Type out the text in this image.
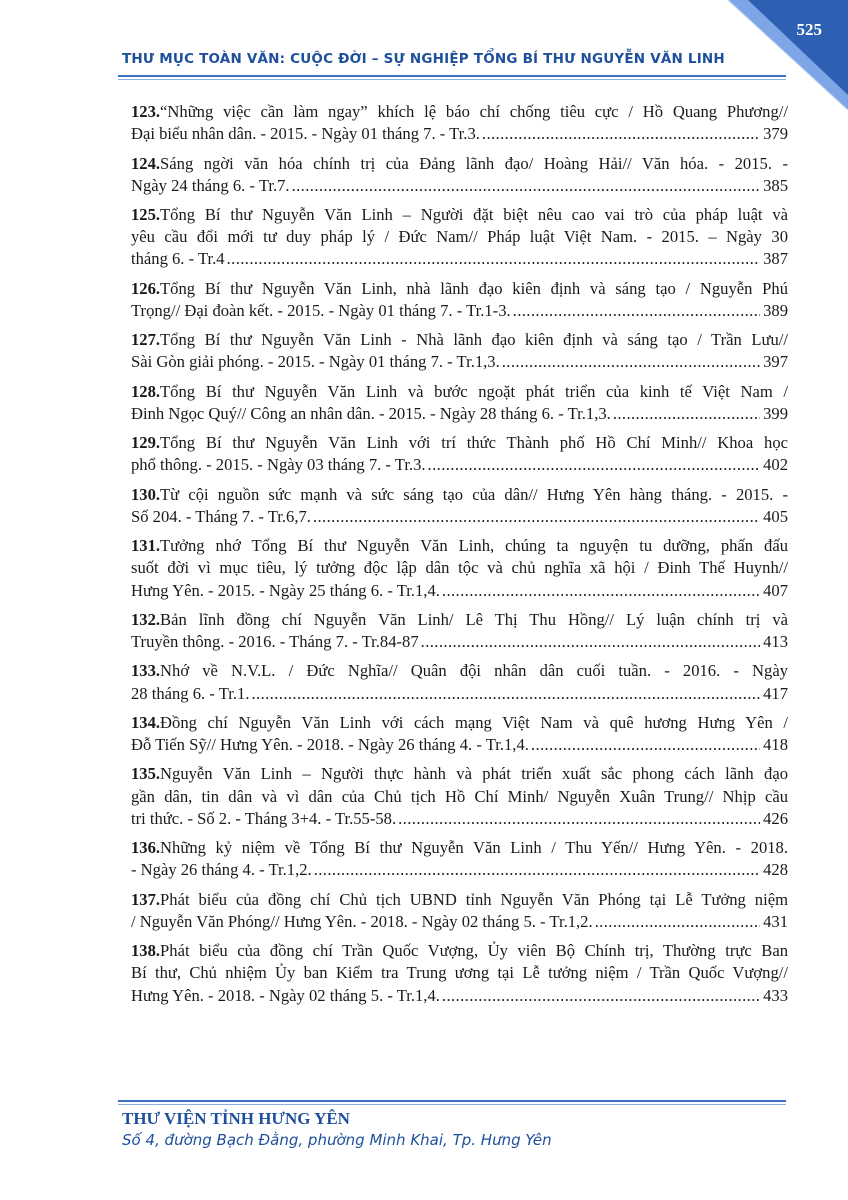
525
THƯ MỤC TOÀN VĂN: CUỘC ĐỜI – SỰ NGHIỆP TỔNG BÍ THƯ NGUYỄN VĂN LINH
123.“Những việc cần làm ngay” khích lệ báo chí chống tiêu cực / Hồ Quang Phương//
Đại biểu nhân dân. - 2015. - Ngày 01 tháng 7. - Tr.3. .....	379
124.Sáng ngời văn hóa chính trị của Đảng lãnh đạo/ Hoàng Hải// Văn hóa. - 2015. -
Ngày 24 tháng 6. - Tr.7. .....	385
125.Tổng Bí thư Nguyễn Văn Linh – Người đặt biệt nêu cao vai trò của pháp luật và
yêu cầu đổi mới tư duy pháp lý / Đức Nam// Pháp luật Việt Nam. - 2015. – Ngày 30
tháng 6. - Tr.4 .....	387
126.Tổng Bí thư Nguyễn Văn Linh, nhà lãnh đạo kiên định và sáng tạo / Nguyễn Phú
Trọng// Đại đoàn kết. - 2015. - Ngày 01 tháng 7. - Tr.1-3. .....	389
127.Tổng Bí thư Nguyễn Văn Linh - Nhà lãnh đạo kiên định và sáng tạo / Trần Lưu//
Sài Gòn giải phóng. - 2015. - Ngày 01 tháng 7. - Tr.1,3. .....	397
128.Tổng Bí thư Nguyễn Văn Linh và bước ngoặt phát triển của kinh tế Việt Nam /
Đinh Ngọc Quý// Công an nhân dân. - 2015. - Ngày 28 tháng 6. - Tr.1,3. .....	399
129.Tổng Bí thư Nguyễn Văn Linh với trí thức Thành phố Hồ Chí Minh// Khoa học
phổ thông. - 2015. - Ngày 03 tháng 7. - Tr.3. .....	402
130.Từ cội nguồn sức mạnh và sức sáng tạo của dân// Hưng Yên hàng tháng. - 2015. -
Số 204. - Tháng 7. - Tr.6,7. .....	405
131.Tưởng nhớ Tổng Bí thư Nguyễn Văn Linh, chúng ta nguyện tu dưỡng, phấn đấu
suốt đời vì mục tiêu, lý tưởng độc lập dân tộc và chủ nghĩa xã hội / Đinh Thế Huynh//
Hưng Yên. - 2015. - Ngày 25 tháng 6. - Tr.1,4. .....	407
132.Bản lĩnh đồng chí Nguyễn Văn Linh/ Lê Thị Thu Hồng// Lý luận chính trị và
Truyền thông. - 2016. - Tháng 7. - Tr.84-87 .....	413
133.Nhớ về N.V.L. / Đức Nghĩa// Quân đội nhân dân cuối tuần. - 2016. - Ngày
28 tháng 6. - Tr.1. .....	417
134.Đồng chí Nguyễn Văn Linh với cách mạng Việt Nam và quê hương Hưng Yên /
Đỗ Tiến Sỹ// Hưng Yên. - 2018. - Ngày 26 tháng 4. - Tr.1,4. .....	418
135.Nguyễn Văn Linh – Người thực hành và phát triển xuất sắc phong cách lãnh đạo
gần dân, tin dân và vì dân của Chủ tịch Hồ Chí Minh/ Nguyễn Xuân Trung// Nhịp cầu
tri thức. - Số 2. - Tháng 3+4. - Tr.55-58. .....	426
136.Những kỷ niệm về Tổng Bí thư Nguyễn Văn Linh / Thu Yến// Hưng Yên. - 2018.
- Ngày 26 tháng 4. - Tr.1,2. .....	428
137.Phát biểu của đồng chí Chủ tịch UBND tỉnh Nguyễn Văn Phóng tại Lễ Tưởng niệm
/ Nguyễn Văn Phóng// Hưng Yên. - 2018. - Ngày 02 tháng 5. - Tr.1,2. .....	431
138.Phát biểu của đồng chí Trần Quốc Vượng, Ủy viên Bộ Chính trị, Thường trực Ban
Bí thư, Chủ nhiệm Ủy ban Kiểm tra Trung ương tại Lễ tưởng niệm / Trần Quốc Vượng//
Hưng Yên. - 2018. - Ngày 02 tháng 5. - Tr.1,4. .....	433
THƯ VIỆN TỈNH HƯNG YÊN
Số 4, đường Bạch Đằng, phường Minh Khai, Tp. Hưng Yên
